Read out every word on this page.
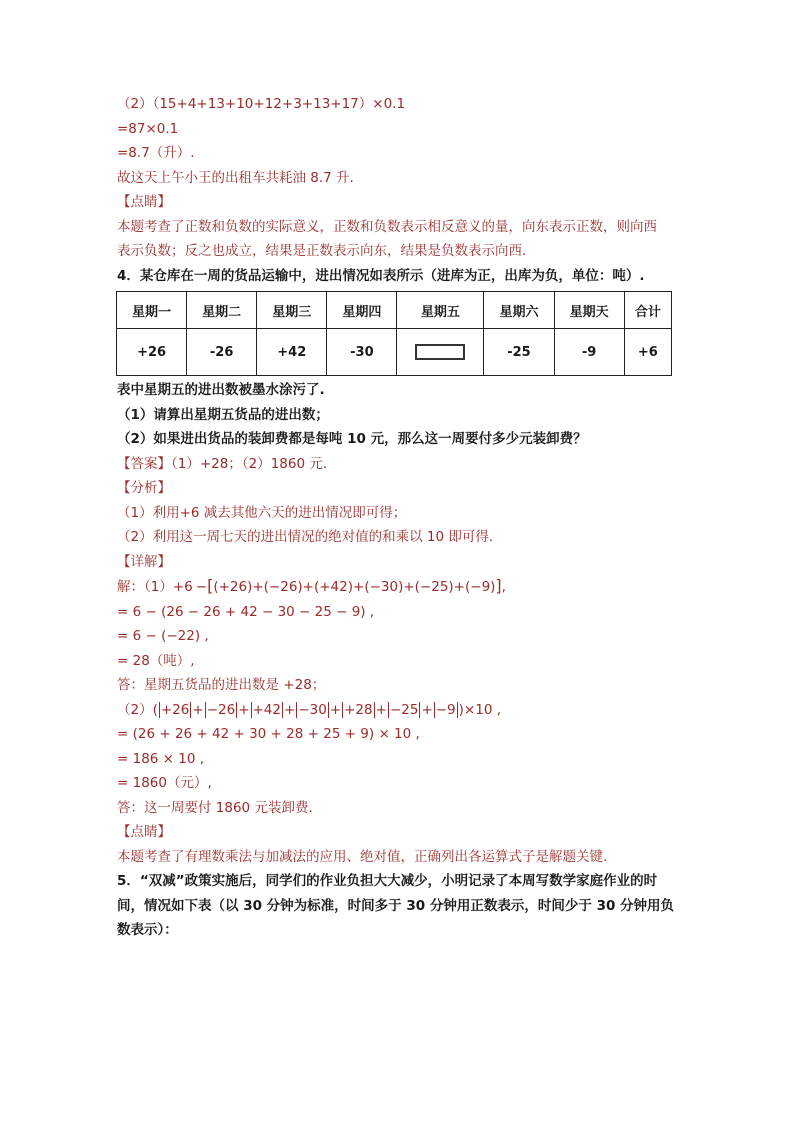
（2）（15+4+13+10+12+3+13+17）×0.1
=87×0.1
=8.7（升）.
故这天上午小王的出租车共耗油 8.7 升.
【点睛】
本题考查了正数和负数的实际意义，正数和负数表示相反意义的量，向东表示正数，则向西
表示负数；反之也成立，结果是正数表示向东，结果是负数表示向西.
4．某仓库在一周的货品运输中，进出情况如表所示（进库为正，出库为负，单位：吨）.
星期一	星期二	星期三	星期四	星期五	星期六	星期天	合计
+26	-26	+42	-30		-25	-9	+6
表中星期五的进出数被墨水涂污了.
（1）请算出星期五货品的进出数；
（2）如果进出货品的装卸费都是每吨 10 元，那么这一周要付多少元装卸费？
【答案】（1）+28；（2）1860 元.
【分析】
（1）利用+6 减去其他六天的进出情况即可得；
（2）利用这一周七天的进出情况的绝对值的和乘以 10 即可得.
【详解】
解：（1）+6 −[(+26)+(−26)+(+42)+(−30)+(−25)+(−9)],
= 6 − (26 − 26 + 42 − 30 − 25 − 9) ,
= 6 − (−22) ,
= 28（吨）,
答：星期五货品的进出数是 +28；
（2）( +26 + −26 + +42 + −30 + +28 + −25 + −9 )×10 ,
= (26 + 26 + 42 + 30 + 28 + 25 + 9) × 10 ,
= 186 × 10 ,
= 1860（元）,
答：这一周要付 1860 元装卸费.
【点睛】
本题考查了有理数乘法与加减法的应用、绝对值，正确列出各运算式子是解题关键.
5．“双减”政策实施后，同学们的作业负担大大减少，小明记录了本周写数学家庭作业的时
间，情况如下表（以 30 分钟为标准，时间多于 30 分钟用正数表示，时间少于 30 分钟用负
数表示）：
